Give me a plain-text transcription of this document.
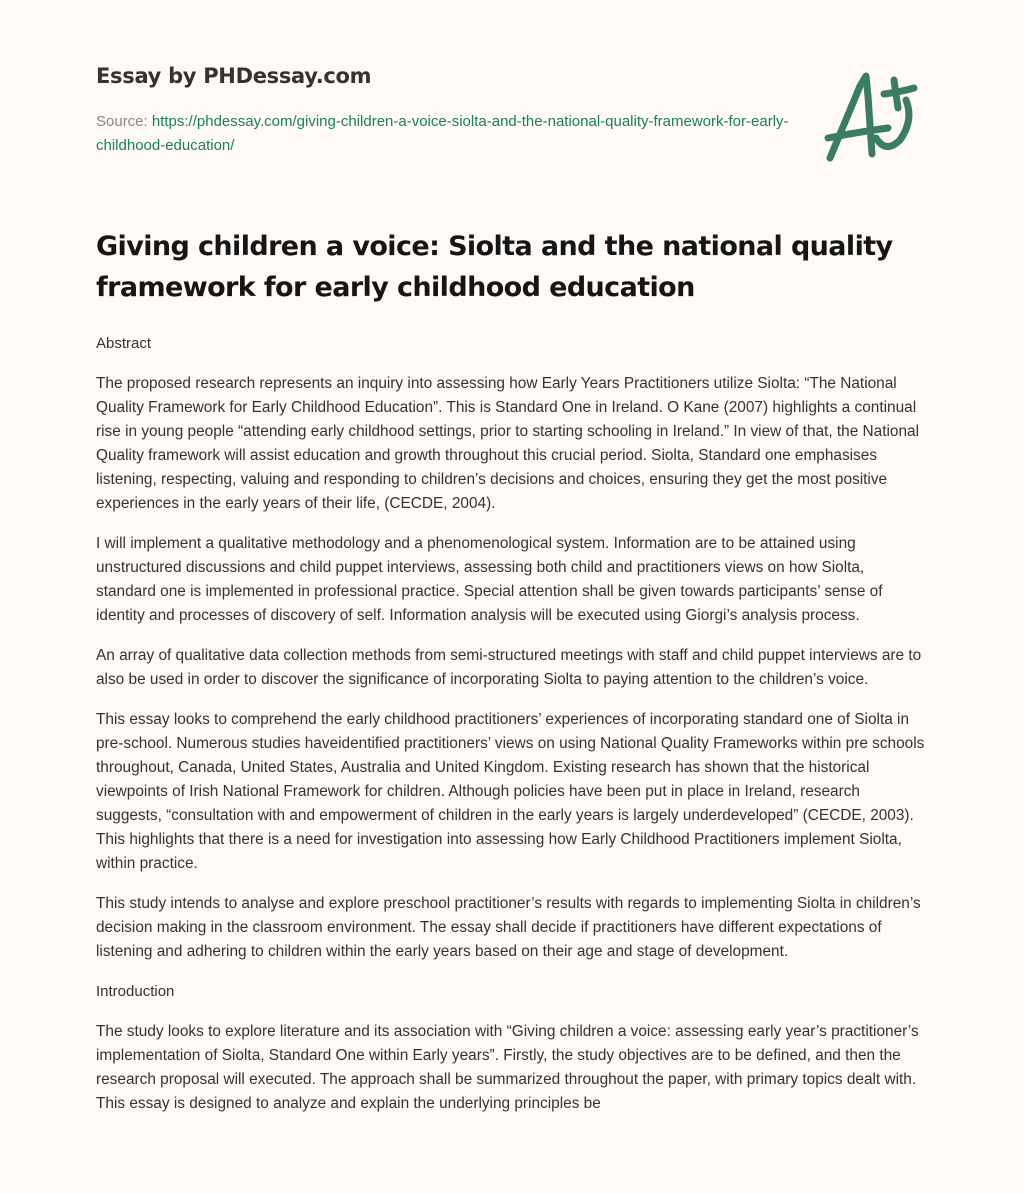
Essay by PHDessay.com
Source: https://phdessay.com/giving-children-a-voice-siolta-and-the-national-quality-framework-for-early-childhood-education/
Giving children a voice: Siolta and the national quality framework for early childhood education
Abstract

The proposed research represents an inquiry into assessing how Early Years Practitioners utilize Siolta: “The National Quality Framework for Early Childhood Education”. This is Standard One in Ireland. O Kane (2007) highlights a continual rise in young people “attending early childhood settings, prior to starting schooling in Ireland.” In view of that, the National Quality framework will assist education and growth throughout this crucial period. Siolta, Standard one emphasises listening, respecting, valuing and responding to children’s decisions and choices, ensuring they get the most positive experiences in the early years of their life, (CECDE, 2004).

I will implement a qualitative methodology and a phenomenological system. Information are to be attained using unstructured discussions and child puppet interviews, assessing both child and practitioners views on how Siolta, standard one is implemented in professional practice. Special attention shall be given towards participants’ sense of identity and processes of discovery of self. Information analysis will be executed using Giorgi’s analysis process.

An array of qualitative data collection methods from semi-structured meetings with staff and child puppet interviews are to also be used in order to discover the significance of incorporating Siolta to paying attention to the children’s voice.

This essay looks to comprehend the early childhood practitioners’ experiences of incorporating standard one of Siolta in pre-school. Numerous studies haveidentified practitioners’ views on using National Quality Frameworks within pre schools throughout, Canada, United States, Australia and United Kingdom. Existing research has shown that the historical viewpoints of Irish National Framework for children. Although policies have been put in place in Ireland, research suggests, “consultation with and empowerment of children in the early years is largely underdeveloped” (CECDE, 2003). This highlights that there is a need for investigation into assessing how Early Childhood Practitioners implement Siolta, within practice.

This study intends to analyse and explore preschool practitioner’s results with regards to implementing Siolta in children’s decision making in the classroom environment. The essay shall decide if practitioners have different expectations of listening and adhering to children within the early years based on their age and stage of development.

Introduction

The study looks to explore literature and its association with “Giving children a voice: assessing early year’s practitioner’s implementation of Siolta, Standard One within Early years”. Firstly, the study objectives are to be defined, and then the research proposal will executed. The approach shall be summarized throughout the paper, with primary topics dealt with. This essay is designed to analyze and explain the underlying principles be
